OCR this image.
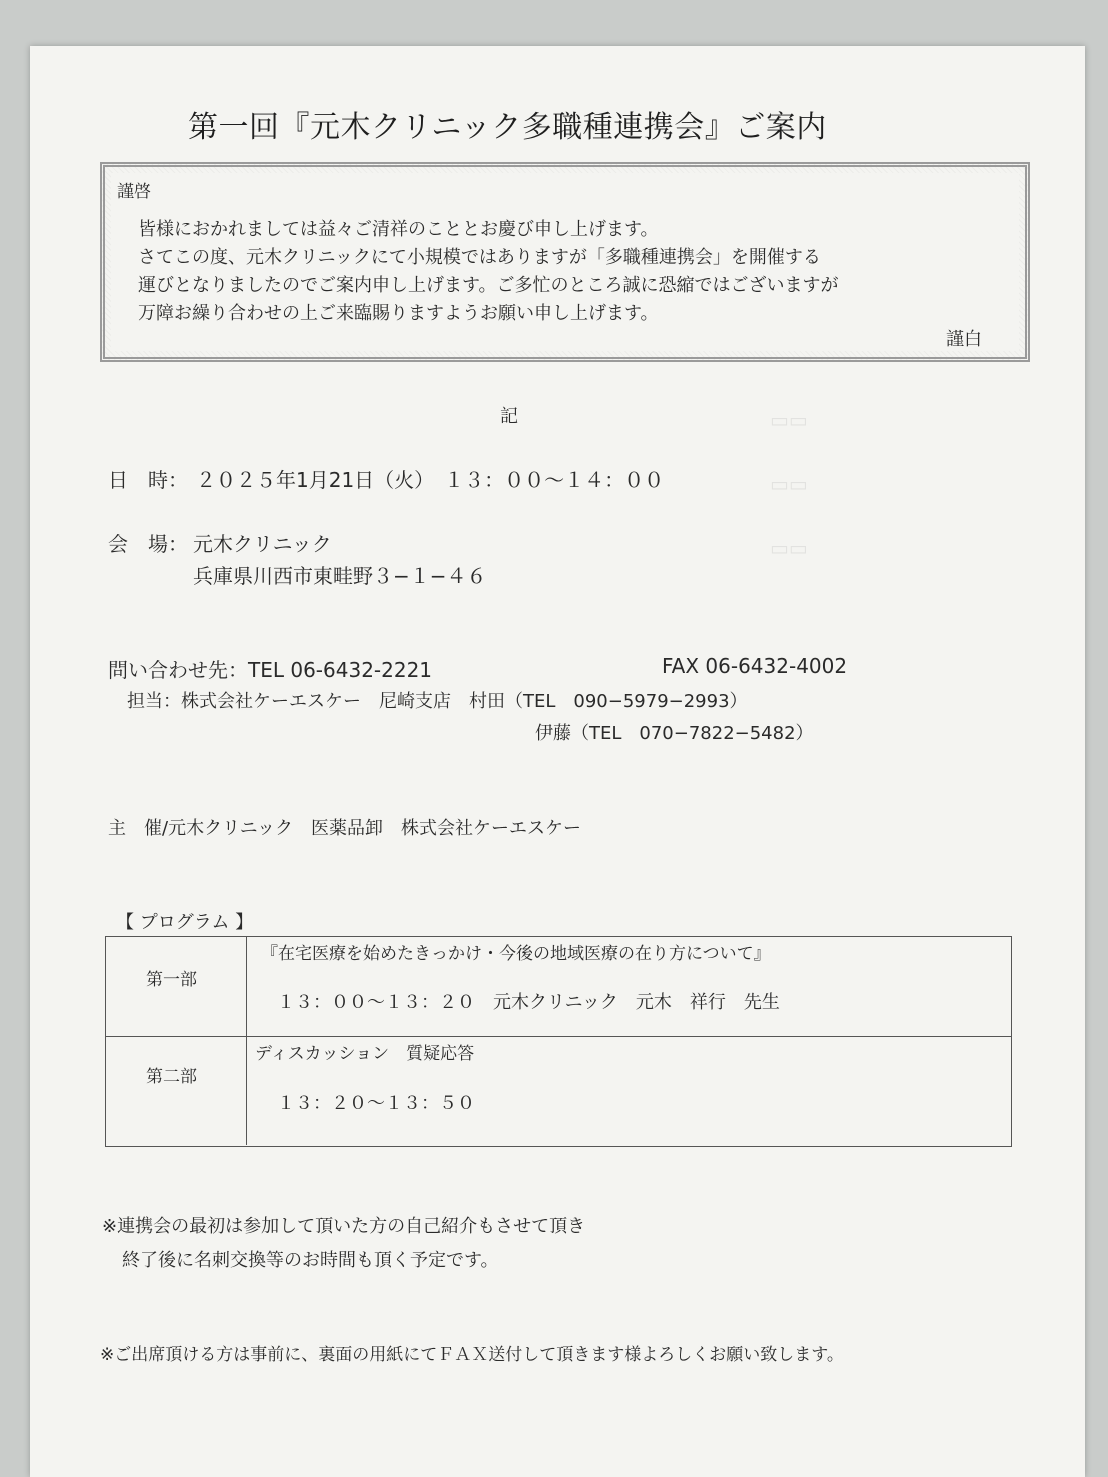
▭▭
▭▭
▭▭
第一回『元木クリニック多職種連携会』ご案内
謹啓
皆様におかれましては益々ご清祥のこととお慶び申し上げます。
さてこの度、元木クリニックにて小規模ではありますが「多職種連携会」を開催する
運びとなりましたのでご案内申し上げます。ご多忙のところ誠に恐縮ではございますが
万障お繰り合わせの上ご来臨賜りますようお願い申し上げます。
謹白
記
日　時： ２０２５年1月21日（火）　１３：００〜１４：００
会　場： 元木クリニック
兵庫県川西市東畦野３−１−４６
問い合わせ先：TEL 06-6432-2221	FAX 06-6432-4002
担当：株式会社ケーエスケー　尼崎支店　村田（TEL　090−5979−2993）
伊藤（TEL　070−7822−5482）
主　催/元木クリニック　医薬品卸　株式会社ケーエスケー
【 プログラム 】
第一部
『在宅医療を始めたきっかけ・今後の地域医療の在り方について』
１３：００〜１３：２０　元木クリニック　元木　祥行　先生
第二部
ディスカッション　質疑応答
１３：２０〜１３：５０
※連携会の最初は参加して頂いた方の自己紹介もさせて頂き
終了後に名刺交換等のお時間も頂く予定です。
※ご出席頂ける方は事前に、裏面の用紙にてＦＡＸ送付して頂きます様よろしくお願い致します。
